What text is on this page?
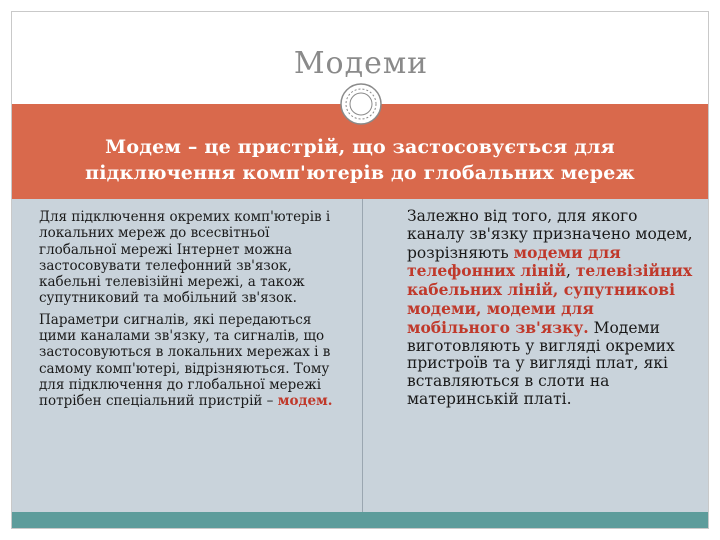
Модеми
Модем – це пристрій, що застосовується для підключення комп'ютерів до глобальних мереж

Для підключення окремих комп'ютерів і локальних мереж до всесвітньої глобальної мережі Інтернет можна застосовувати телефонний зв'язок, кабельні телевізійні мережі, а також супутниковий та мобільний зв'язок.

Параметри сигналів, які передаються цими каналами зв'язку, та сигналів, що застосовуються в локальних мережах і в самому комп'ютері, відрізняються. Тому для підключення до глобальної мережі потрібен спеціальний пристрій – модем.

Залежно від того, для якого каналу зв'язку призначено модем, розрізняють модеми для телефонних ліній, телевізійних кабельних ліній, супутникові модеми, модеми для мобільного зв'язку. Модеми виготовляють у вигляді окремих пристроїв та у вигляді плат, які вставляються в слоти на материнській платі.
